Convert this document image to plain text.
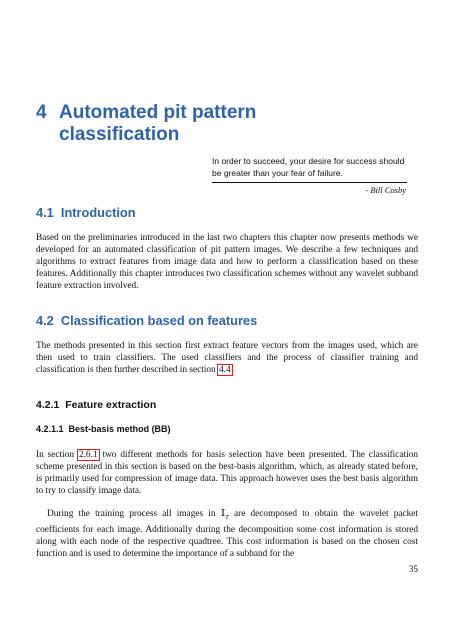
4 Automated pit pattern
classification
In order to succeed, your desire for success should be greater than your fear of failure.
- Bill Cosby
4.1 Introduction

Based on the preliminaries introduced in the last two chapters this chapter now presents methods we developed for an automated classification of pit pattern images. We describe a few techniques and algorithms to extract features from image data and how to perform a classification based on these features. Additionally this chapter introduces two classification schemes without any wavelet subband feature extraction involved.

4.2 Classification based on features

The methods presented in this section first extract feature vectors from the images used, which are then used to train classifiers. The used classifiers and the process of classifier training and classification is then further described in section 4.4.

4.2.1 Feature extraction
4.2.1.1 Best-basis method (BB)

In section 2.6.1 two different methods for basis selection have been presented. The classification scheme presented in this section is based on the best-basis algorithm, which, as already stated before, is primarily used for compression of image data. This approach however uses the best basis algorithm to try to classify image data.

During the training process all images in 𝕀$_T$ are decomposed to obtain the wavelet packet coefficients for each image. Additionally during the decomposition some cost information is stored along with each node of the respective quadtree. This cost information is based on the chosen cost function and is used to determine the importance of a subband for the

35
